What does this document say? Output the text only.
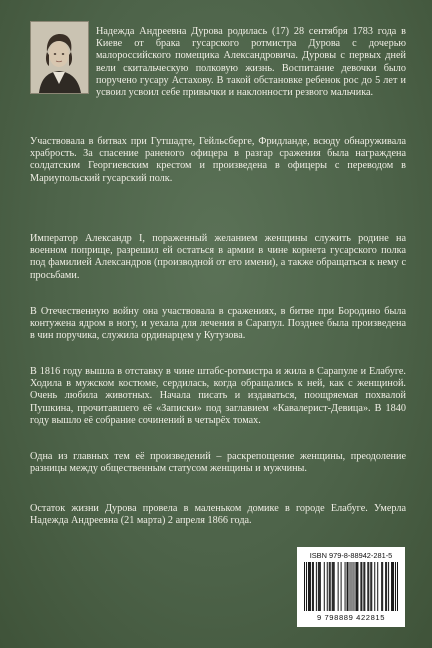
Надежда Андреевна Дурова родилась (17) 28 сентября 1783 года в Киеве от брака гусарского ротмистра Дурова с дочерью малороссийского помещика Александровича. Дуровы с первых дней вели скитальческую полковую жизнь. Воспитание девочки было поручено гусару Астахову. В такой обстановке ребенок рос до 5 лет и усвоил усвоил себе привычки и наклонности резвого мальчика.

Участвовала в битвах при Гутшадте, Гейльсберге, Фридланде, всюду обнаруживала храбрость. За спасение раненого офицера в разгар сражения была награждена солдатским Георгиевским крестом и произведена в офицеры с переводом в Мариупольский гусарский полк.

Император Александр I, пораженный желанием женщины служить родине на военном поприще, разрешил ей остаться в армии в чине корнета гусарского полка под фамилией Александров (производной от его имени), а также обращаться к нему с просьбами.

В Отечественную войну она участвовала в сражениях, в битве при Бородино была контужена ядром в ногу, и уехала для лечения в Сарапул. Позднее была произведена в чин поручика, служила ординарцем у Кутузова.

В 1816 году вышла в отставку в чине штабс-ротмистра и жила в Сарапуле и Елабуге. Ходила в мужском костюме, сердилась, когда обращались к ней, как с женщиной. Очень любила животных. Начала писать и издаваться, поощряемая похвалой Пушкина, прочитавшего её «Записки» под заглавием «Кавалерист-Девица». В 1840 году вышло её собрание сочинений в четырёх томах.

Одна из главных тем её произведений – раскрепощение женщины, преодоление разницы между общественным статусом женщины и мужчины.

Остаток жизни Дурова провела в маленьком домике в городе Елабуге. Умерла Надежда Андреевна (21 марта) 2 апреля 1866 года.

ISBN 979-8-88942-281-5
9 798889 422815
